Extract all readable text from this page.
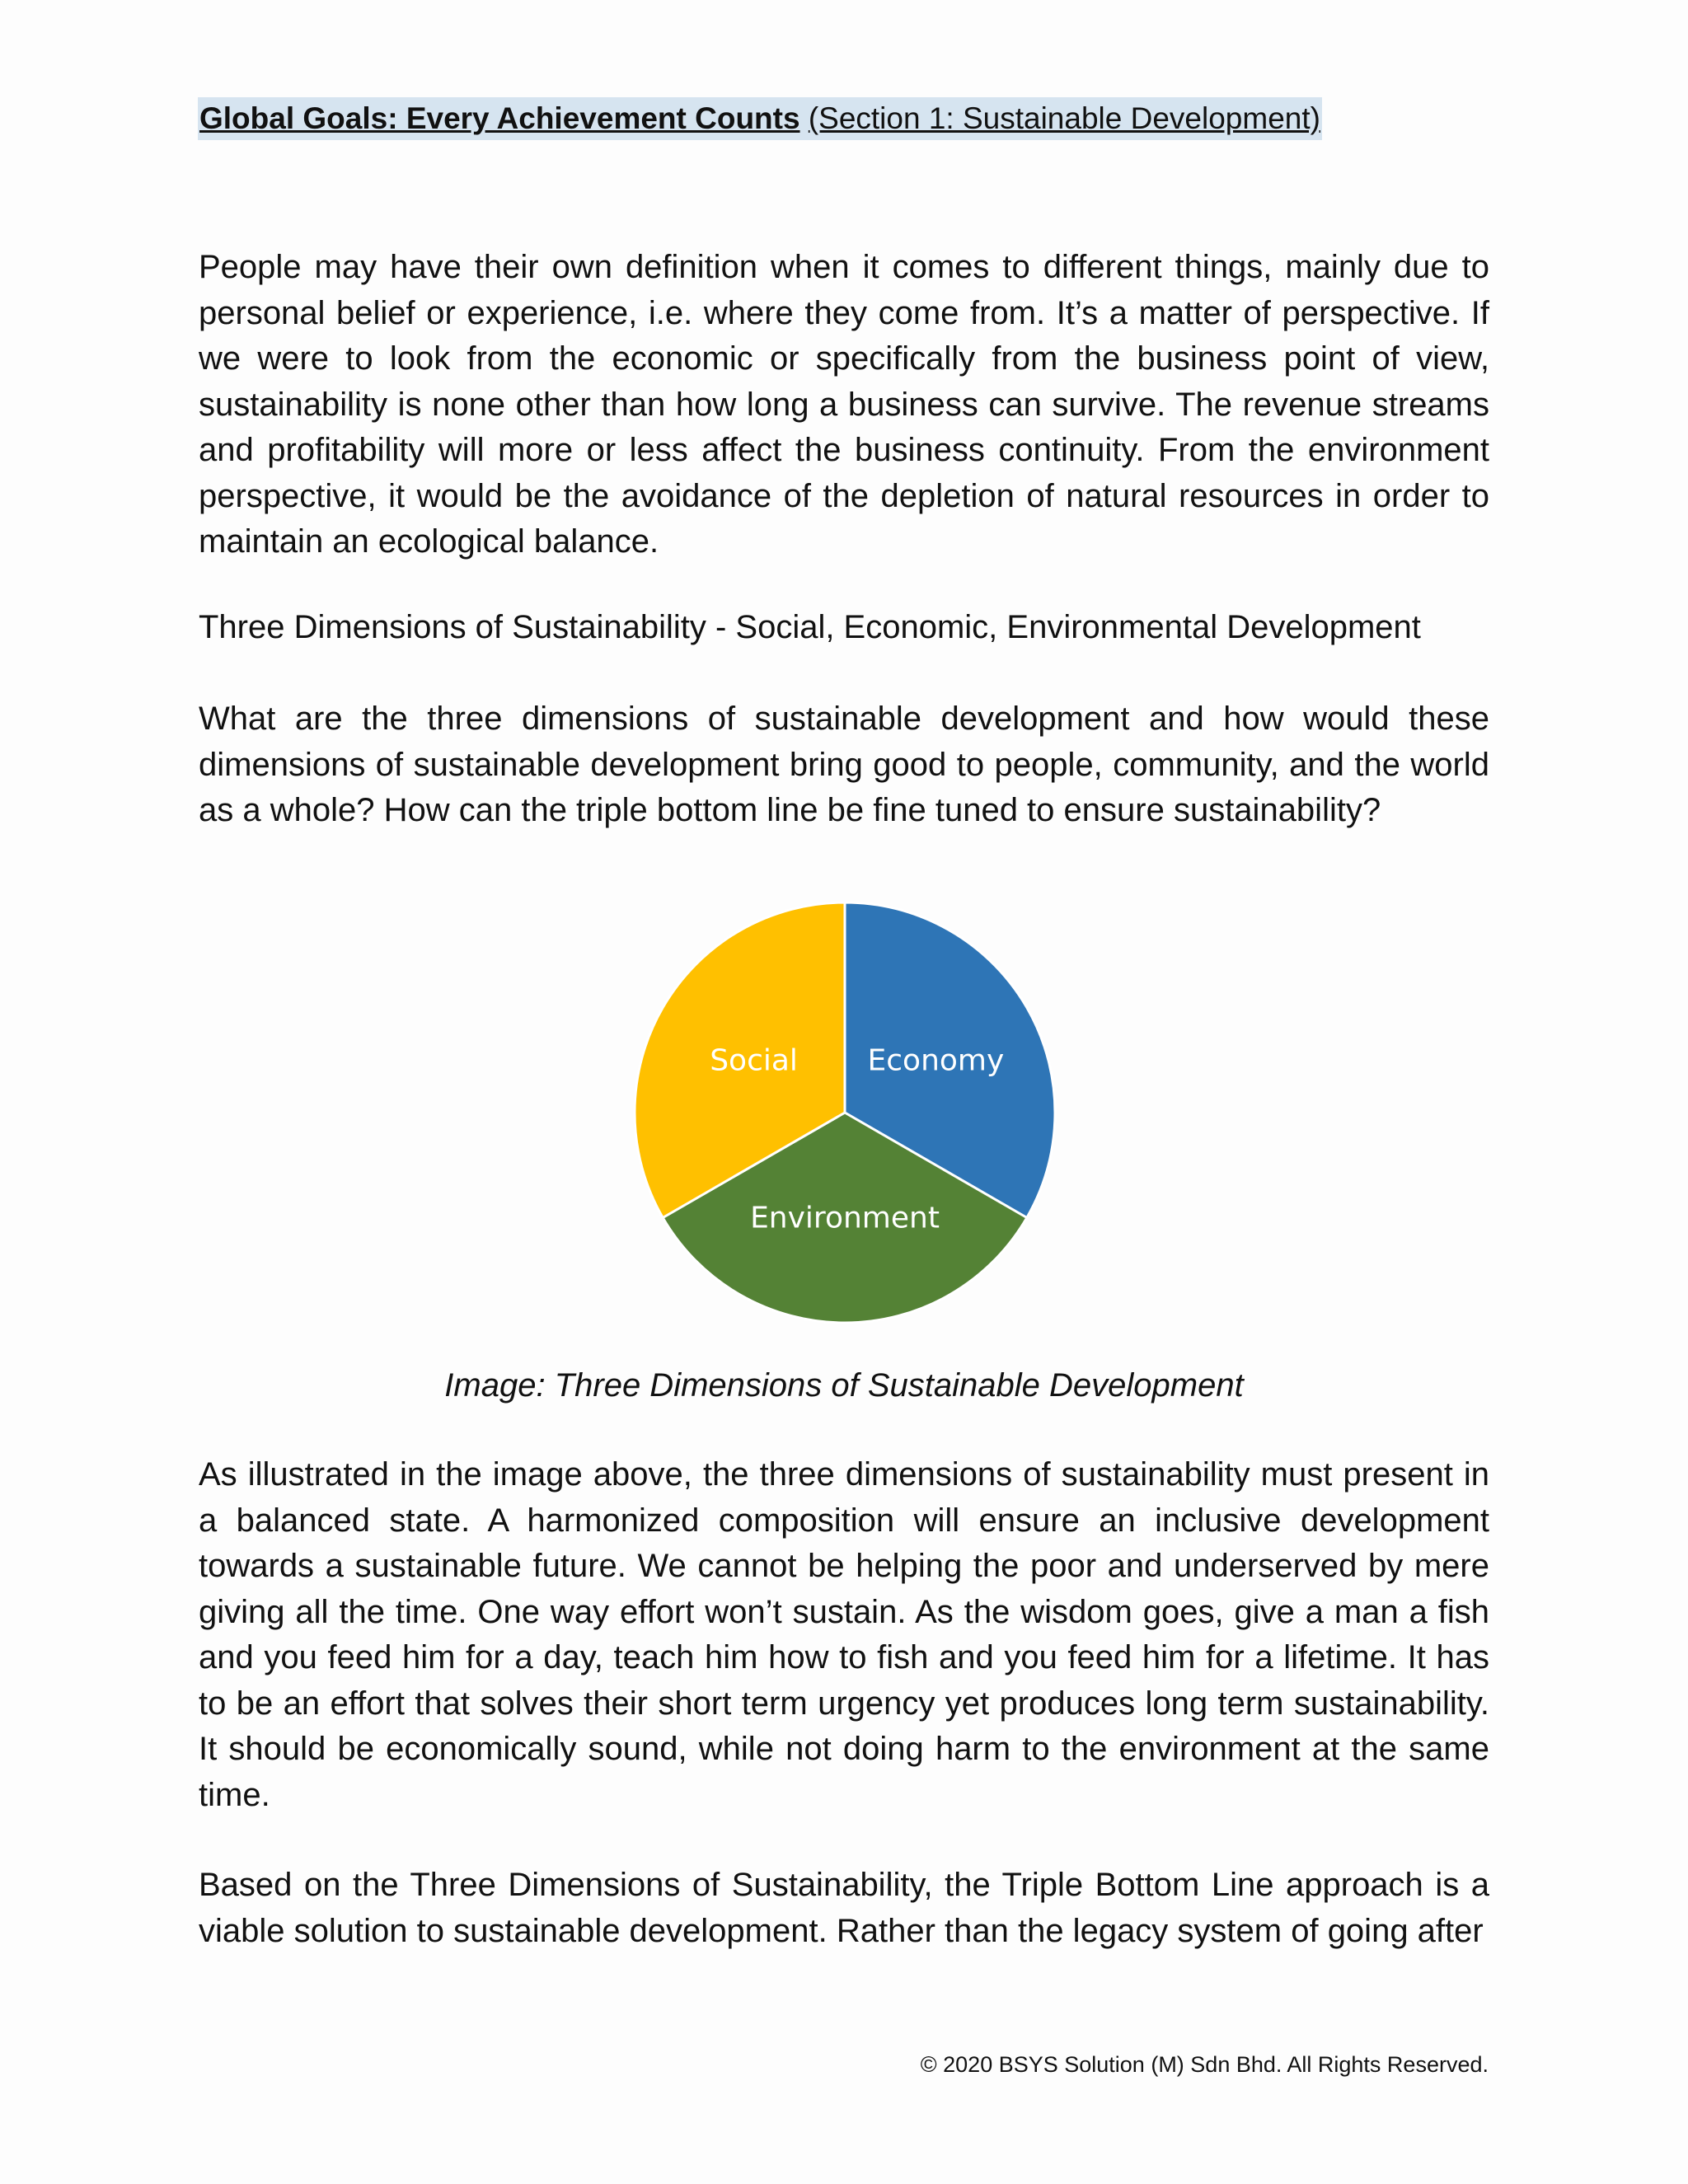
Global Goals: Every Achievement Counts (Section 1: Sustainable Development)

People may have their own definition when it comes to different things, mainly due to personal belief or experience, i.e. where they come from. It’s a matter of perspective. If we were to look from the economic or specifically from the business point of view, sustainability is none other than how long a business can survive. The revenue streams and profitability will more or less affect the business continuity. From the environment perspective, it would be the avoidance of the depletion of natural resources in order to maintain an ecological balance.

Three Dimensions of Sustainability - Social, Economic, Environmental Development

What are the three dimensions of sustainable development and how would these dimensions of sustainable development bring good to people, community, and the world as a whole? How can the triple bottom line be fine tuned to ensure sustainability?

Economy
Environment
Social

Image: Three Dimensions of Sustainable Development

As illustrated in the image above, the three dimensions of sustainability must present in a balanced state. A harmonized composition will ensure an inclusive development towards a sustainable future. We cannot be helping the poor and underserved by mere giving all the time. One way effort won’t sustain. As the wisdom goes, give a man a fish and you feed him for a day, teach him how to fish and you feed him for a lifetime. It has to be an effort that solves their short term urgency yet produces long term sustainability. It should be economically sound, while not doing harm to the environment at the same time.

Based on the Three Dimensions of Sustainability, the Triple Bottom Line approach is a viable solution to sustainable development. Rather than the legacy system of going after

© 2020 BSYS Solution (M) Sdn Bhd. All Rights Reserved.
